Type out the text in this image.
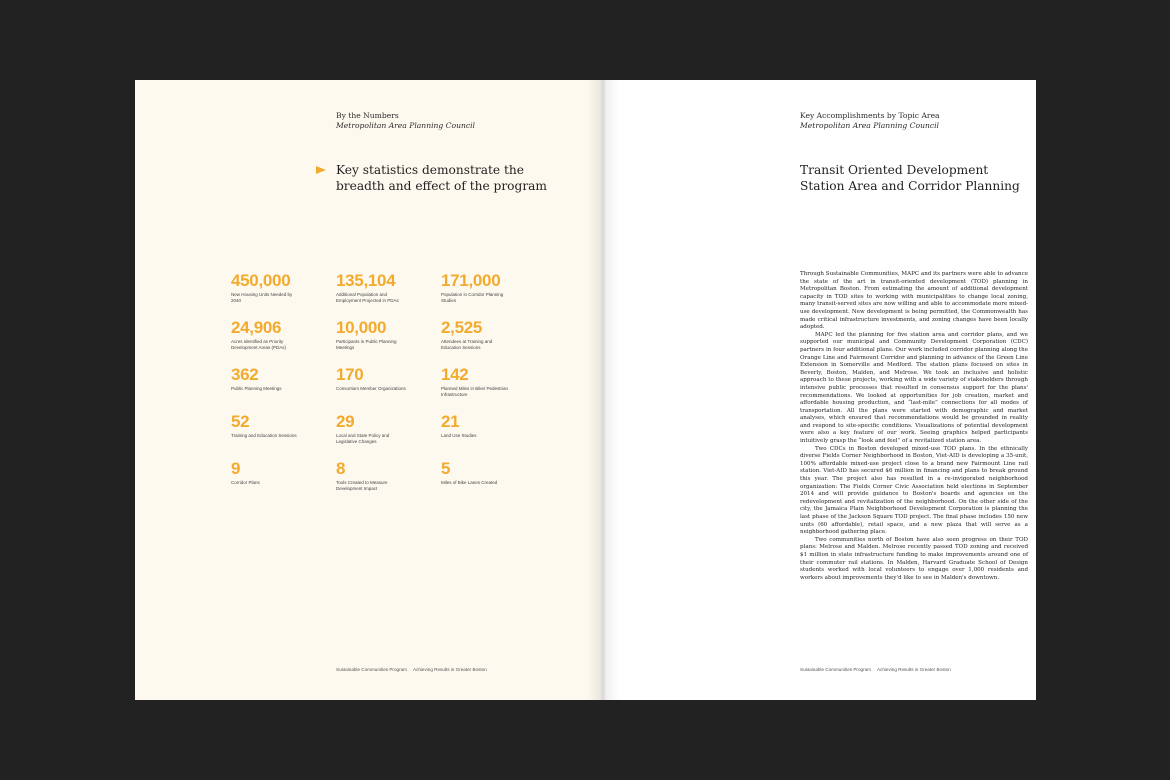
By the Numbers
Metropolitan Area Planning Council
Key statistics demonstrate the
breadth and effect of the program
450,000
New Housing Units Needed by 2040
135,104
Additional Population and Employment Projected in PDAs
171,000
Population in Corridor Planning Studies
24,906
Acres Identified as Priority Development Areas (PDAs)
10,000
Participants in Public Planning Meetings
2,525
Attendees at Training and Education Sessions
362
Public Planning Meetings
170
Consortium Member Organizations
142
Planned Miles in Bike/ Pedestrian Infrastructure
52
Training and Education Sessions
29
Local and State Policy and Legislative Changes
21
Land Use Studies
9
Corridor Plans
8
Tools Created to Measure Development Impact
5
Miles of Bike Lanes Created
Sustainable Communities Program Achieving Results in Greater Boston
Key Accomplishments by Topic Area
Metropolitan Area Planning Council
Transit Oriented Development
Station Area and Corridor Planning

Through Sustainable Communities, MAPC and its partners were able to advance the state of the art in transit-oriented development (TOD) planning in Metropolitan Boston. From estimating the amount of additional development capacity in TOD sites to working with municipalities to change local zoning, many transit-served sites are now willing and able to accommodate more mixed-use development. New development is being permitted, the Commonwealth has made critical infrastructure investments, and zoning changes have been locally adopted.

MAPC led the planning for five station area and corridor plans, and we supported our municipal and Community Development Corporation (CDC) partners in four additional plans. Our work included corridor planning along the Orange Line and Fairmount Corridor and planning in advance of the Green Line Extension in Somerville and Medford. The station plans focused on sites in Beverly, Boston, Malden, and Melrose. We took an inclusive and holistic approach to these projects, working with a wide variety of stakeholders through intensive public processes that resulted in consensus support for the plans' recommendations. We looked at opportunities for job creation, market and affordable housing production, and “last-mile” connections for all modes of transportation. All the plans were started with demographic and market analyses, which ensured that recommendations would be grounded in reality and respond to site-specific conditions. Visualizations of potential development were also a key feature of our work. Seeing graphics helped participants intuitively grasp the “look and feel” of a revitalized station area.

Two CDCs in Boston developed mixed-use TOD plans. In the ethnically diverse Fields Corner Neighborhood in Boston, Viet-AID is developing a 35-unit, 100% affordable mixed-use project close to a brand new Fairmount Line rail station. Viet-AID has secured $6 million in financing and plans to break ground this year. The project also has resulted in a re-invigorated neighborhood organization: The Fields Corner Civic Association held elections in September 2014 and will provide guidance to Boston's boards and agencies on the redevelopment and revitalization of the neighborhood. On the other side of the city, the Jamaica Plain Neighborhood Development Corporation is planning the last phase of the Jackson Square TOD project. The final phase includes 150 new units (60 affordable), retail space, and a new plaza that will serve as a neighborhood gathering place.

Two communities north of Boston have also seen progress on their TOD plans: Melrose and Malden. Melrose recently passed TOD zoning and received $1 million in state infrastructure funding to make improvements around one of their commuter rail stations. In Malden, Harvard Graduate School of Design students worked with local volunteers to engage over 1,000 residents and workers about improvements they'd like to see in Malden's downtown.

Sustainable Communities Program Achieving Results in Greater Boston
